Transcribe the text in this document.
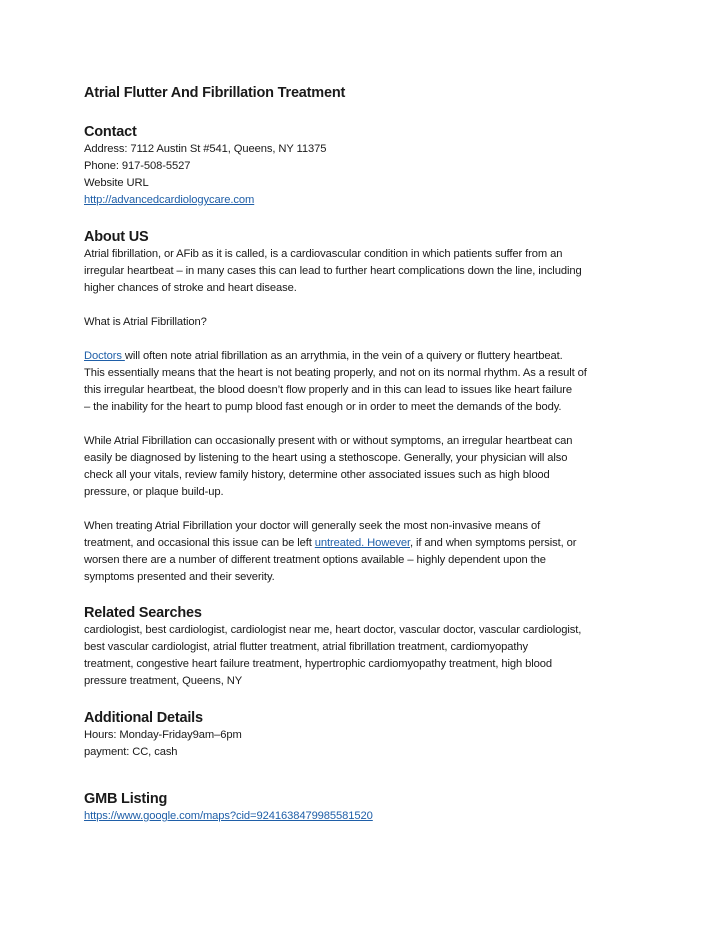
Atrial Flutter And Fibrillation Treatment
Contact

Address: 7112 Austin St #541, Queens, NY 11375

Phone: 917-508-5527

Website URL

http://advancedcardiologycare.com

About US

Atrial fibrillation, or AFib as it is called, is a cardiovascular condition in which patients suffer from an
irregular heartbeat – in many cases this can lead to further heart complications down the line, including
higher chances of stroke and heart disease.

What is Atrial Fibrillation?

Doctors will often note atrial fibrillation as an arrythmia, in the vein of a quivery or fluttery heartbeat.
This essentially means that the heart is not beating properly, and not on its normal rhythm. As a result of
this irregular heartbeat, the blood doesn’t flow properly and in this can lead to issues like heart failure
– the inability for the heart to pump blood fast enough or in order to meet the demands of the body.

While Atrial Fibrillation can occasionally present with or without symptoms, an irregular heartbeat can
easily be diagnosed by listening to the heart using a stethoscope. Generally, your physician will also
check all your vitals, review family history, determine other associated issues such as high blood
pressure, or plaque build-up.

When treating Atrial Fibrillation your doctor will generally seek the most non-invasive means of
treatment, and occasional this issue can be left untreated. However, if and when symptoms persist, or
worsen there are a number of different treatment options available – highly dependent upon the
symptoms presented and their severity.

Related Searches

cardiologist, best cardiologist, cardiologist near me, heart doctor, vascular doctor, vascular cardiologist,
best vascular cardiologist, atrial flutter treatment, atrial fibrillation treatment, cardiomyopathy
treatment, congestive heart failure treatment, hypertrophic cardiomyopathy treatment, high blood
pressure treatment, Queens, NY

Additional Details

Hours: Monday-Friday9am–6pm

payment: CC, cash

GMB Listing

https://www.google.com/maps?cid=9241638479985581520
